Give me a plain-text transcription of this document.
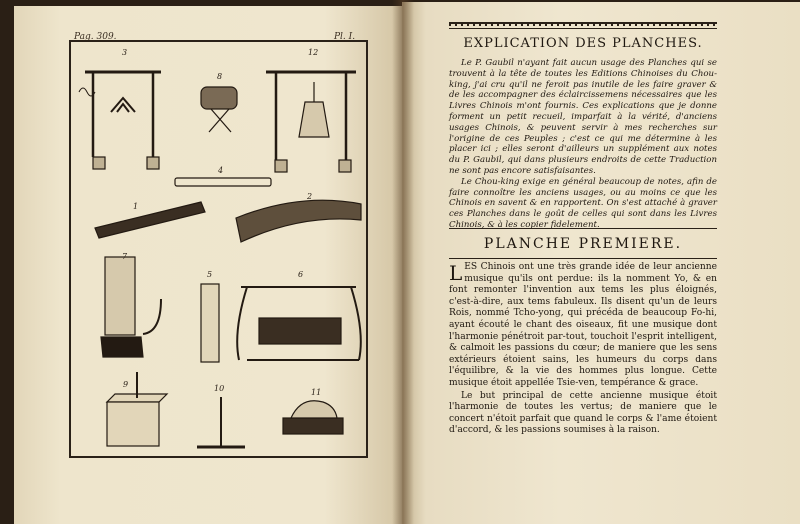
Pag. 309.	Pl. I.
3	12
8
4
1
2
7
5	6
9	10	11
EXPLICATION DES PLANCHES.

Le P. Gaubil n'ayant fait aucun usage des Planches qui se trouvent à la tête de toutes les Editions Chinoises du Chou-king, j'ai cru qu'il ne feroit pas inutile de les faire graver & de les accompagner des éclaircissemens nécessaires que les Livres Chinois m'ont fournis. Ces explications que je donne forment un petit recueil, imparfait à la vérité, d'anciens usages Chinois, & peuvent servir à mes recherches sur l'origine de ces Peuples ; c'est ce qui me détermine à les placer ici ; elles seront d'ailleurs un supplément aux notes du P. Gaubil, qui dans plusieurs endroits de cette Traduction ne sont pas encore satisfaisantes.

Le Chou-king exige en général beaucoup de notes, afin de faire connoître les anciens usages, ou au moins ce que les Chinois en savent & en rapportent. On s'est attaché à graver ces Planches dans le goût de celles qui sont dans les Livres Chinois, & à les copier fidelement.

PLANCHE PREMIERE.

LES Chinois ont une très grande idée de leur ancienne musique qu'ils ont perdue: ils la nomment Yo, & en font remonter l'invention aux tems les plus éloignés, c'est-à-dire, aux tems fabuleux. Ils disent qu'un de leurs Rois, nommé Tcho-yong, qui précéda de beaucoup Fo-hi, ayant écouté le chant des oiseaux, fit une musique dont l'harmonie pénétroit par-tout, touchoit l'esprit intelligent, & calmoit les passions du cœur; de maniere que les sens extérieurs étoient sains, les humeurs du corps dans l'équilibre, & la vie des hommes plus longue. Cette musique étoit appellée Tsie-ven, tempérance & grace.

Le but principal de cette ancienne musique étoit l'harmonie de toutes les vertus; de maniere que le concert n'étoit parfait que quand le corps & l'ame étoient d'accord, & les passions soumises à la raison.
